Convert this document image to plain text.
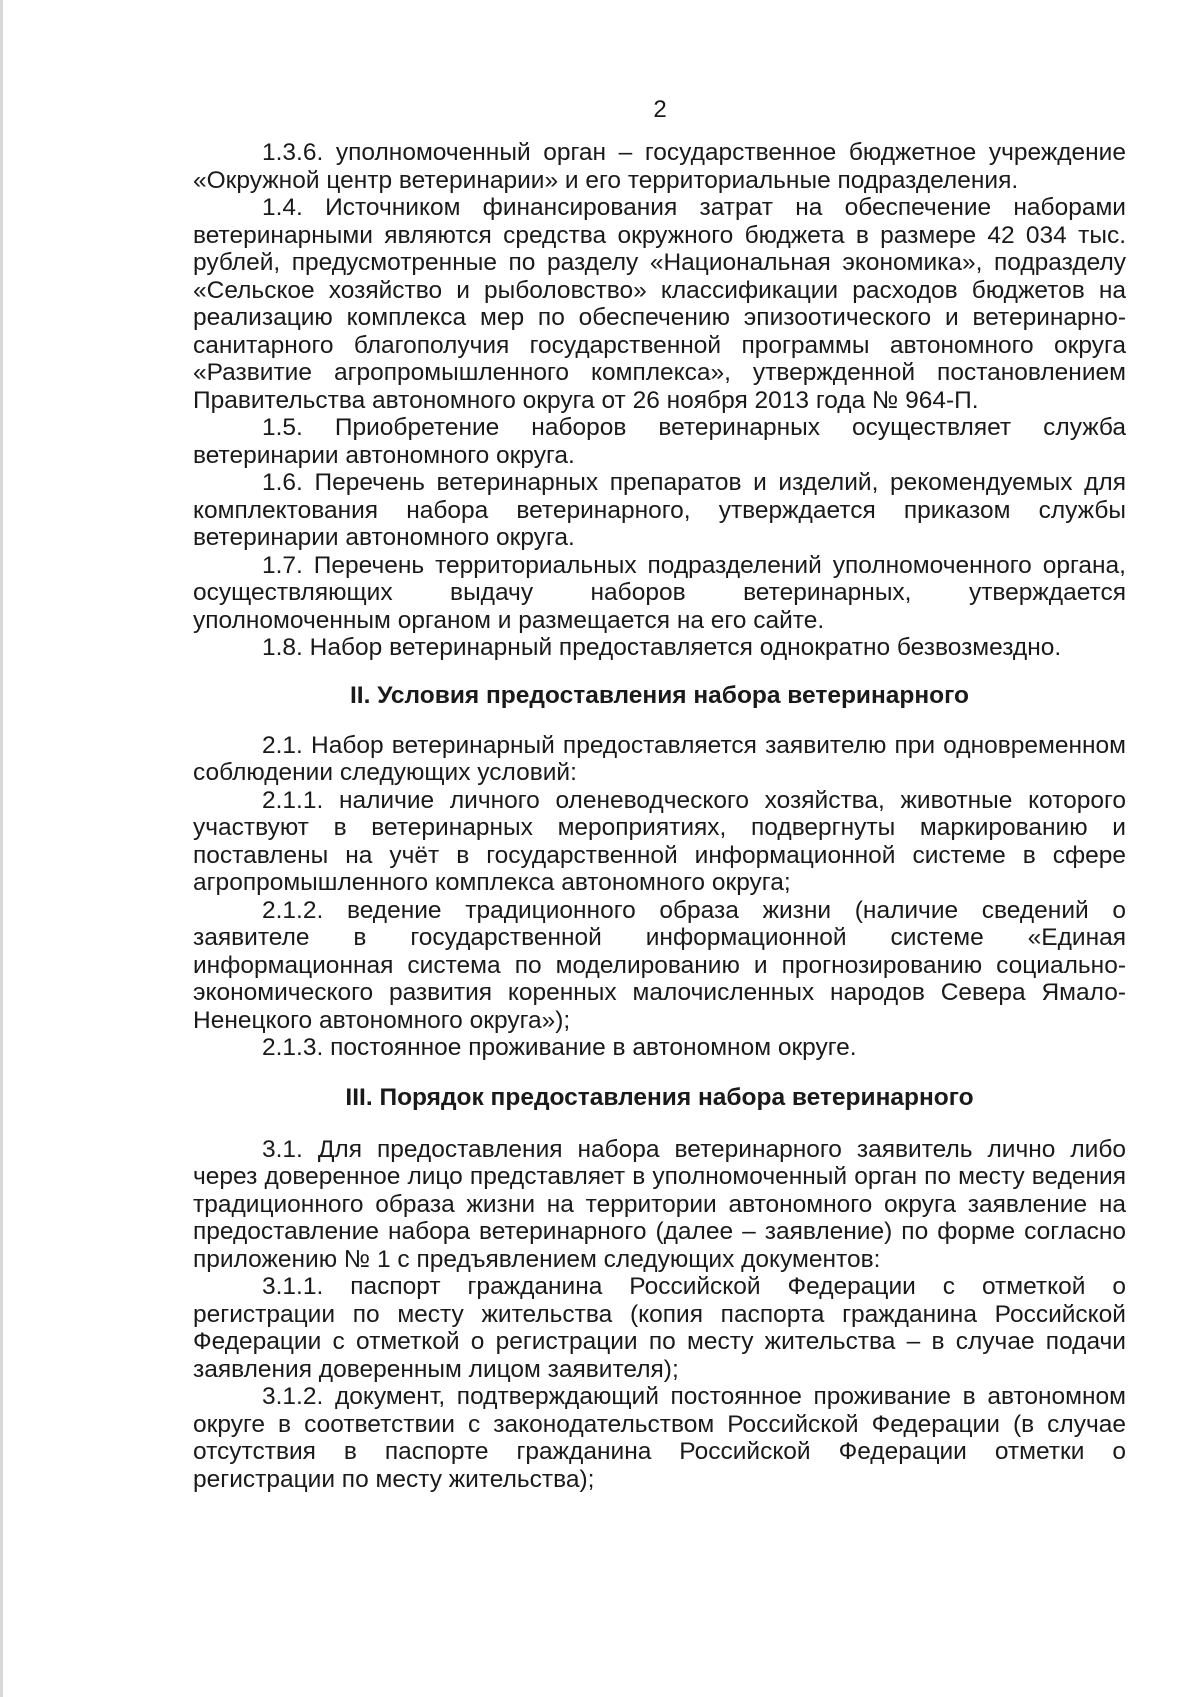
2

1.3.6. уполномоченный орган – государственное бюджетное учреждение «Окружной центр ветеринарии» и его территориальные подразделения.

1.4. Источником финансирования затрат на обеспечение наборами ветеринарными являются средства окружного бюджета в размере 42 034 тыс. рублей, предусмотренные по разделу «Национальная экономика», подразделу «Сельское хозяйство и рыболовство» классификации расходов бюджетов на реализацию комплекса мер по обеспечению эпизоотического и ветеринарно-санитарного благополучия государственной программы автономного округа «Развитие агропромышленного комплекса», утвержденной постановлением Правительства автономного округа от 26 ноября 2013 года № 964-П.

1.5. Приобретение наборов ветеринарных осуществляет служба ветеринарии автономного округа.

1.6. Перечень ветеринарных препаратов и изделий, рекомендуемых для комплектования набора ветеринарного, утверждается приказом службы ветеринарии автономного округа.

1.7. Перечень территориальных подразделений уполномоченного органа, осуществляющих выдачу наборов ветеринарных, утверждается уполномоченным органом и размещается на его сайте.

1.8. Набор ветеринарный предоставляется однократно безвозмездно.

II. Условия предоставления набора ветеринарного

2.1. Набор ветеринарный предоставляется заявителю при одновременном соблюдении следующих условий:

2.1.1. наличие личного оленеводческого хозяйства, животные которого участвуют в ветеринарных мероприятиях, подвергнуты маркированию и поставлены на учёт в государственной информационной системе в сфере агропромышленного комплекса автономного округа;

2.1.2. ведение традиционного образа жизни (наличие сведений о заявителе в государственной информационной системе «Единая информационная система по моделированию и прогнозированию социально-экономического развития коренных малочисленных народов Севера Ямало-Ненецкого автономного округа»);

2.1.3. постоянное проживание в автономном округе.

III. Порядок предоставления набора ветеринарного

3.1. Для предоставления набора ветеринарного заявитель лично либо через доверенное лицо представляет в уполномоченный орган по месту ведения традиционного образа жизни на территории автономного округа заявление на предоставление набора ветеринарного (далее – заявление) по форме согласно приложению № 1 с предъявлением следующих документов:

3.1.1. паспорт гражданина Российской Федерации с отметкой о регистрации по месту жительства (копия паспорта гражданина Российской Федерации с отметкой о регистрации по месту жительства – в случае подачи заявления доверенным лицом заявителя);

3.1.2. документ, подтверждающий постоянное проживание в автономном округе в соответствии с законодательством Российской Федерации (в случае отсутствия в паспорте гражданина Российской Федерации отметки о регистрации по месту жительства);
